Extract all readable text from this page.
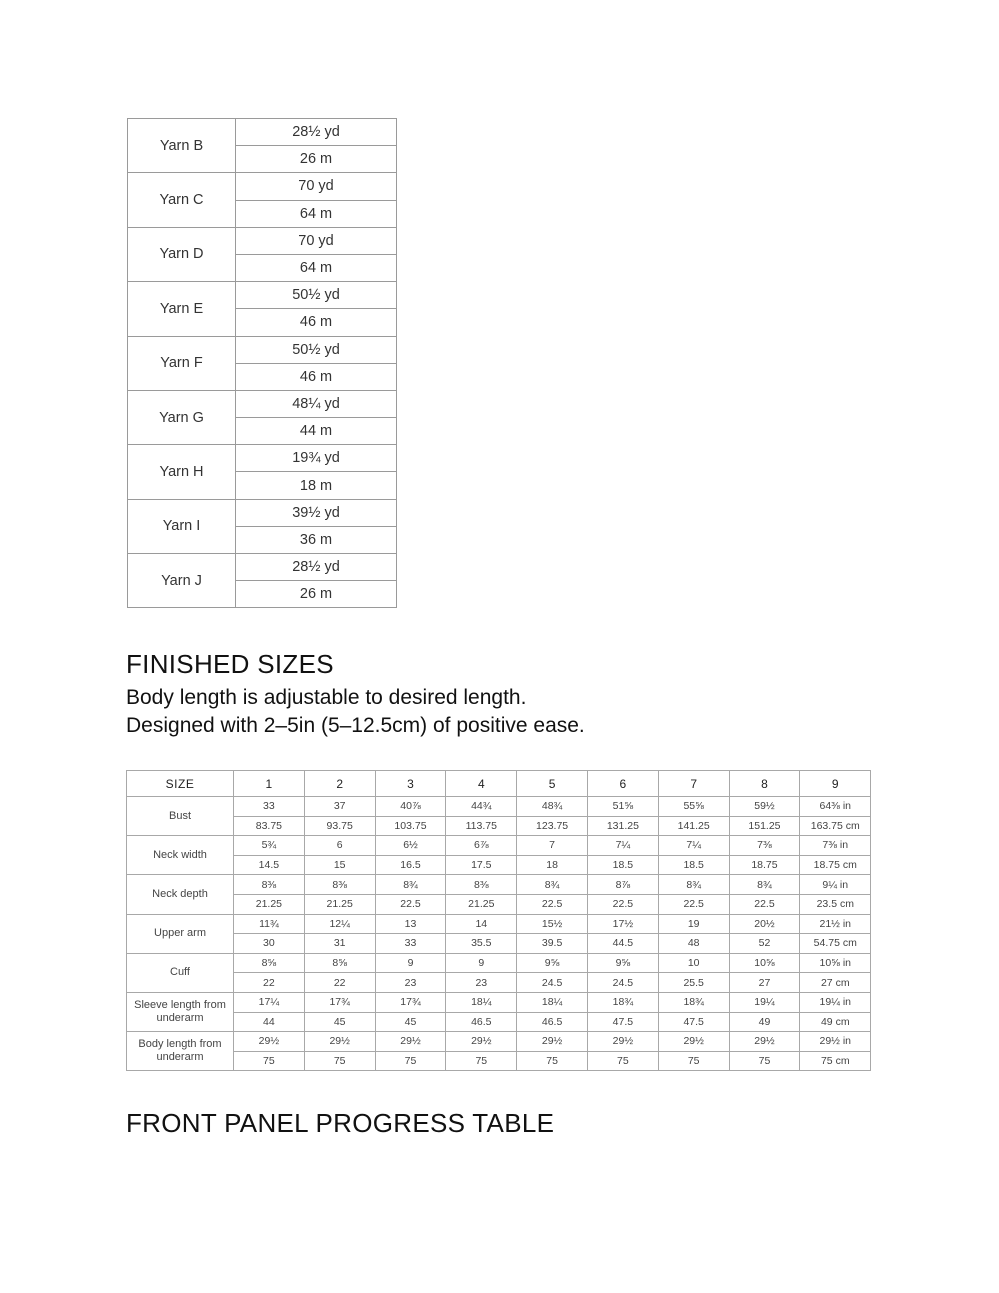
Yarn B	28½ yd
	26 m
Yarn C	70 yd
	64 m
Yarn D	70 yd
	64 m
Yarn E	50½ yd
	46 m
Yarn F	50½ yd
	46 m
Yarn G	48¼ yd
	44 m
Yarn H	19¾ yd
	18 m
Yarn I	39½ yd
	36 m
Yarn J	28½ yd
	26 m
FINISHED SIZES

Body length is adjustable to desired length.

Designed with 2–5in (5–12.5cm) of positive ease.

SIZE	1	2	3	4	5	6	7	8	9
Bust	33	37	40⅞	44¾	48¾	51⅝	55⅝	59½	64⅜ in
	83.75	93.75	103.75	113.75	123.75	131.25	141.25	151.25	163.75 cm
Neck width	5¾	6	6½	6⅞	7	7¼	7¼	7⅜	7⅜ in
	14.5	15	16.5	17.5	18	18.5	18.5	18.75	18.75 cm
Neck depth	8⅜	8⅜	8¾	8⅜	8¾	8⅞	8¾	8¾	9¼ in
	21.25	21.25	22.5	21.25	22.5	22.5	22.5	22.5	23.5 cm
Upper arm	11¾	12¼	13	14	15½	17½	19	20½	21½ in
	30	31	33	35.5	39.5	44.5	48	52	54.75 cm
Cuff	8⅝	8⅝	9	9	9⅝	9⅝	10	10⅝	10⅝ in
	22	22	23	23	24.5	24.5	25.5	27	27 cm
Sleeve length from underarm	17¼	17¾	17¾	18¼	18¼	18¾	18¾	19¼	19¼ in
	44	45	45	46.5	46.5	47.5	47.5	49	49 cm
Body length from underarm	29½	29½	29½	29½	29½	29½	29½	29½	29½ in
	75	75	75	75	75	75	75	75	75 cm
FRONT PANEL PROGRESS TABLE
